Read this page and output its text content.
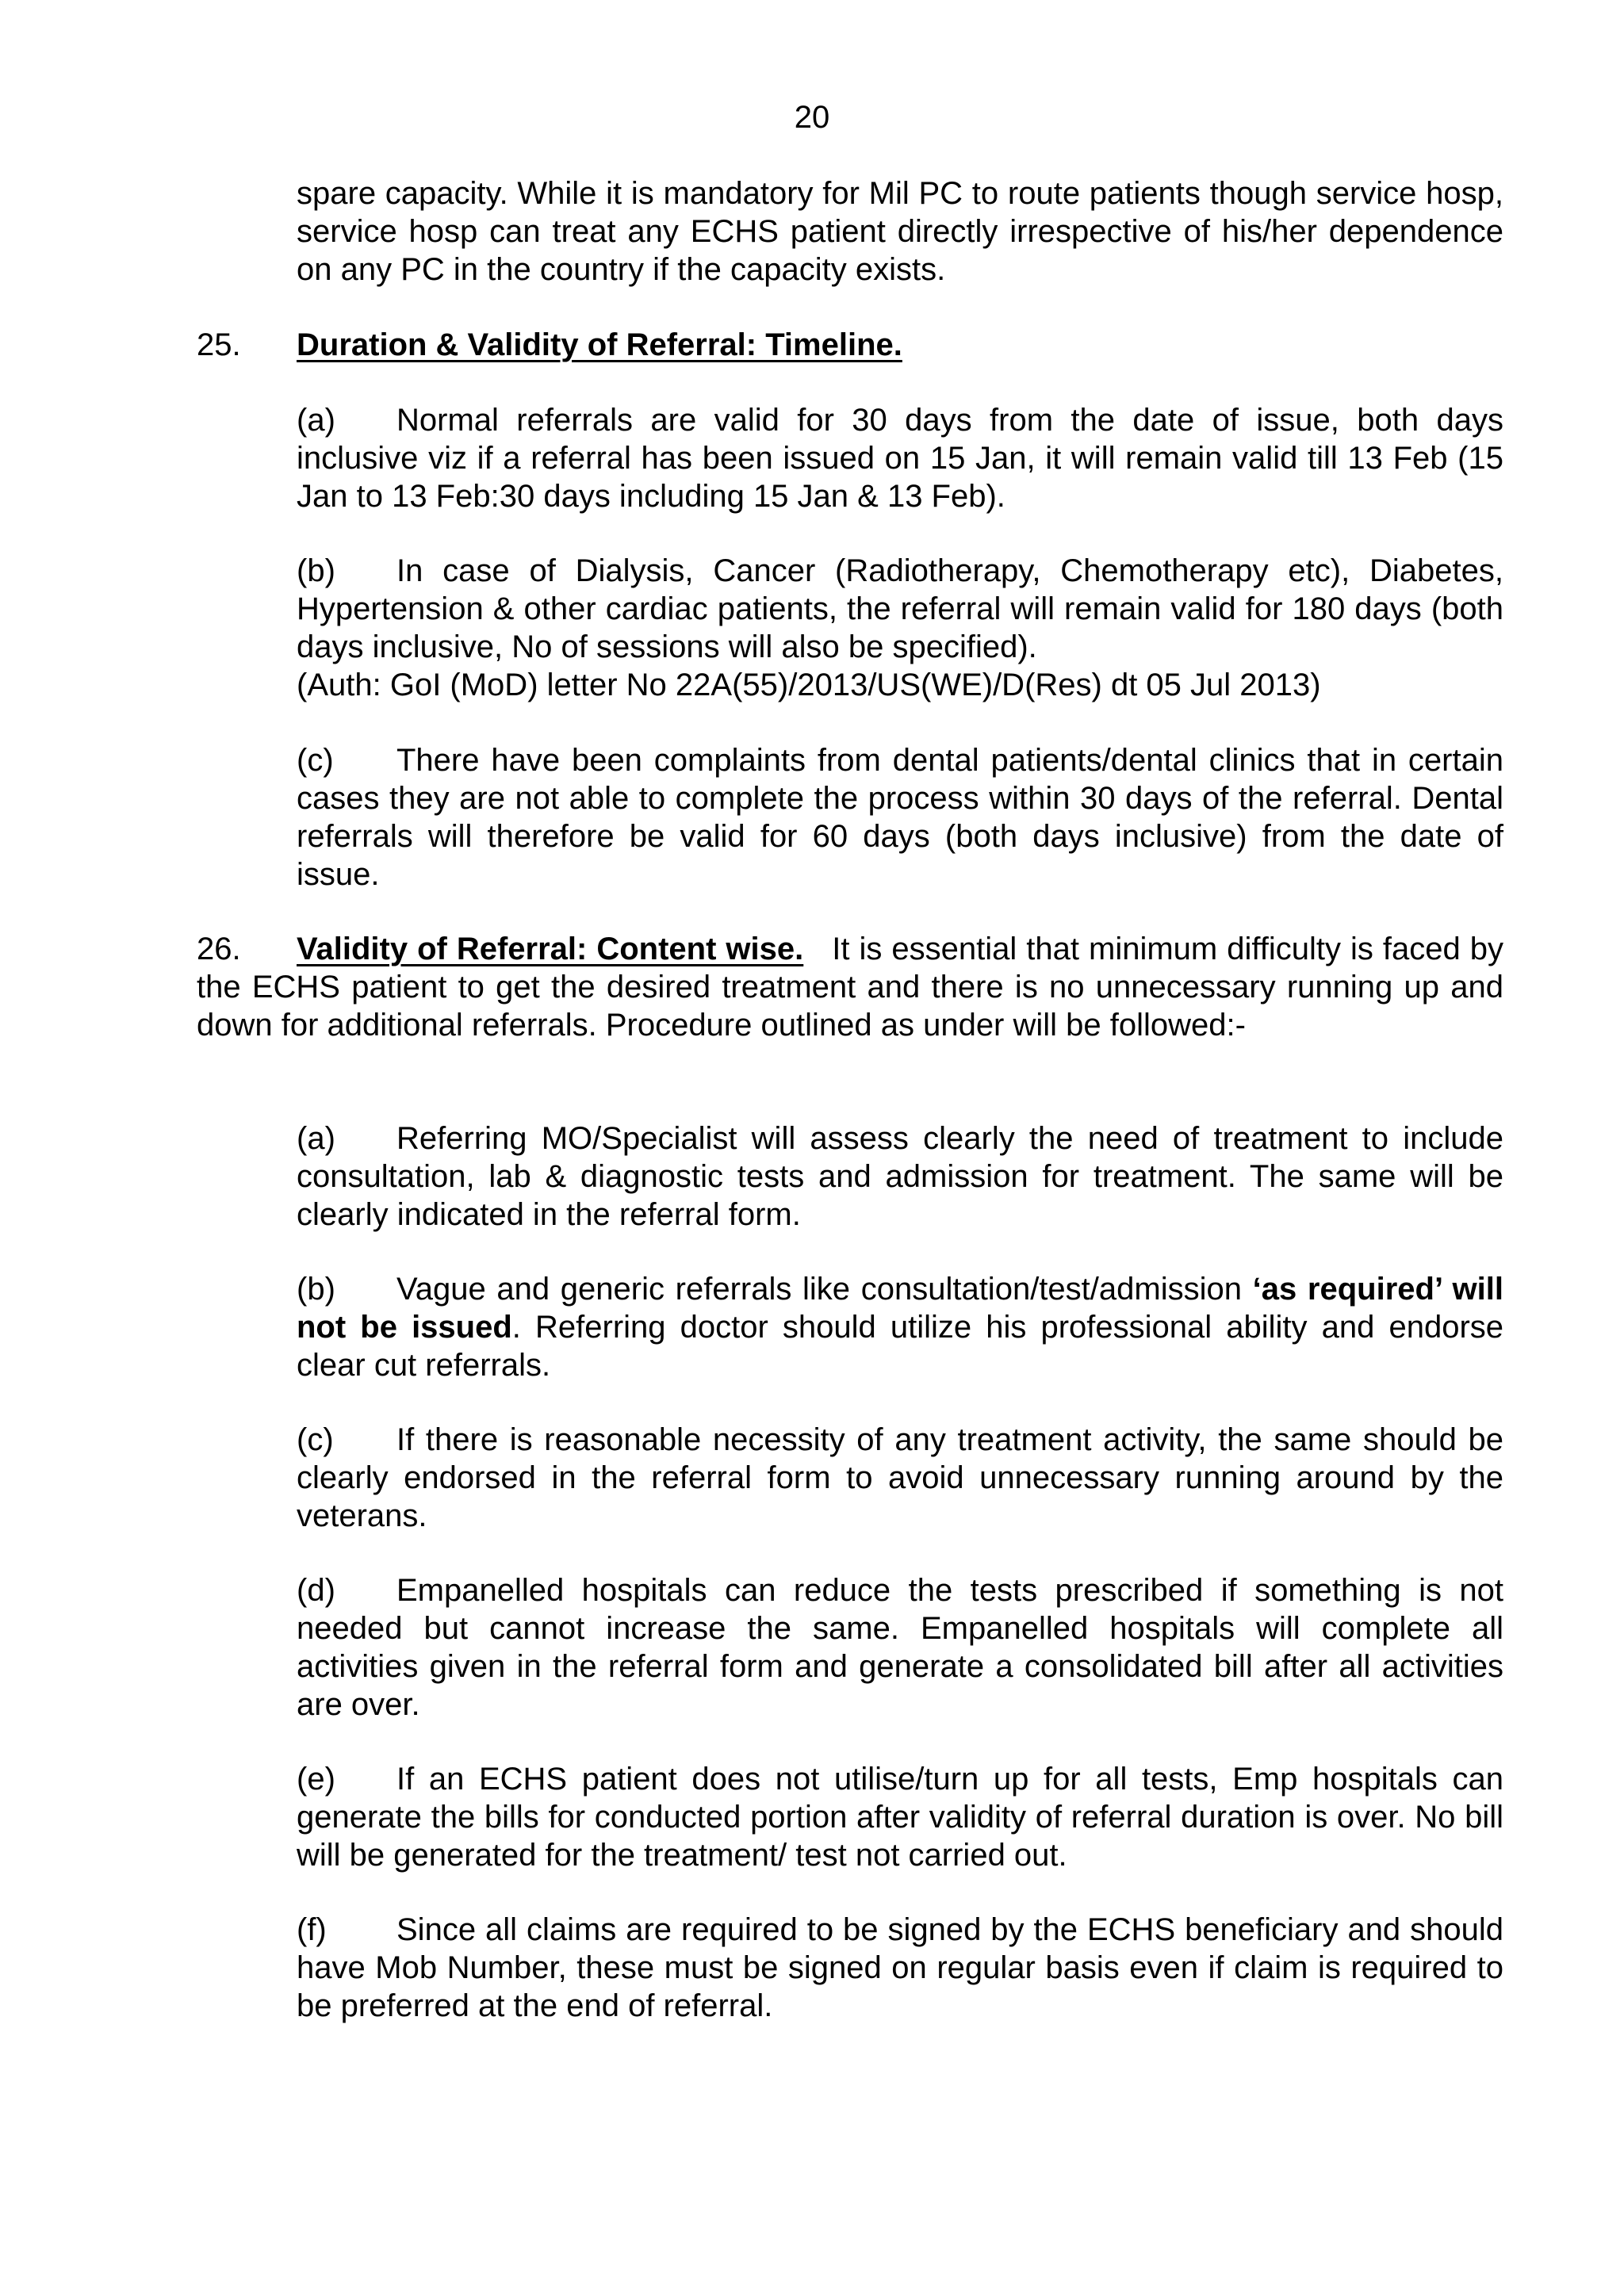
20
spare capacity. While it is mandatory for Mil PC to route patients though service hosp, service hosp can treat any ECHS patient directly irrespective of his/her dependence on any PC in the country if the capacity exists.
25. Duration & Validity of Referral: Timeline.
(a) Normal referrals are valid for 30 days from the date of issue, both days inclusive viz if a referral has been issued on 15 Jan, it will remain valid till 13 Feb (15 Jan to 13 Feb:30 days including 15 Jan & 13 Feb).
(b) In case of Dialysis, Cancer (Radiotherapy, Chemotherapy etc), Diabetes, Hypertension & other cardiac patients, the referral will remain valid for 180 days (both days inclusive, No of sessions will also be specified).
(Auth: GoI (MoD) letter No 22A(55)/2013/US(WE)/D(Res) dt 05 Jul 2013)
(c) There have been complaints from dental patients/dental clinics that in certain cases they are not able to complete the process within 30 days of the referral. Dental referrals will therefore be valid for 60 days (both days inclusive) from the date of issue.
26. Validity of Referral: Content wise. It is essential that minimum difficulty is faced by the ECHS patient to get the desired treatment and there is no unnecessary running up and down for additional referrals. Procedure outlined as under will be followed:-
(a) Referring MO/Specialist will assess clearly the need of treatment to include consultation, lab & diagnostic tests and admission for treatment. The same will be clearly indicated in the referral form.
(b) Vague and generic referrals like consultation/test/admission ‘as required’ will not be issued. Referring doctor should utilize his professional ability and endorse clear cut referrals.
(c) If there is reasonable necessity of any treatment activity, the same should be clearly endorsed in the referral form to avoid unnecessary running around by the veterans.
(d) Empanelled hospitals can reduce the tests prescribed if something is not needed but cannot increase the same. Empanelled hospitals will complete all activities given in the referral form and generate a consolidated bill after all activities are over.
(e) If an ECHS patient does not utilise/turn up for all tests, Emp hospitals can generate the bills for conducted portion after validity of referral duration is over. No bill will be generated for the treatment/ test not carried out.
(f) Since all claims are required to be signed by the ECHS beneficiary and should have Mob Number, these must be signed on regular basis even if claim is required to be preferred at the end of referral.
